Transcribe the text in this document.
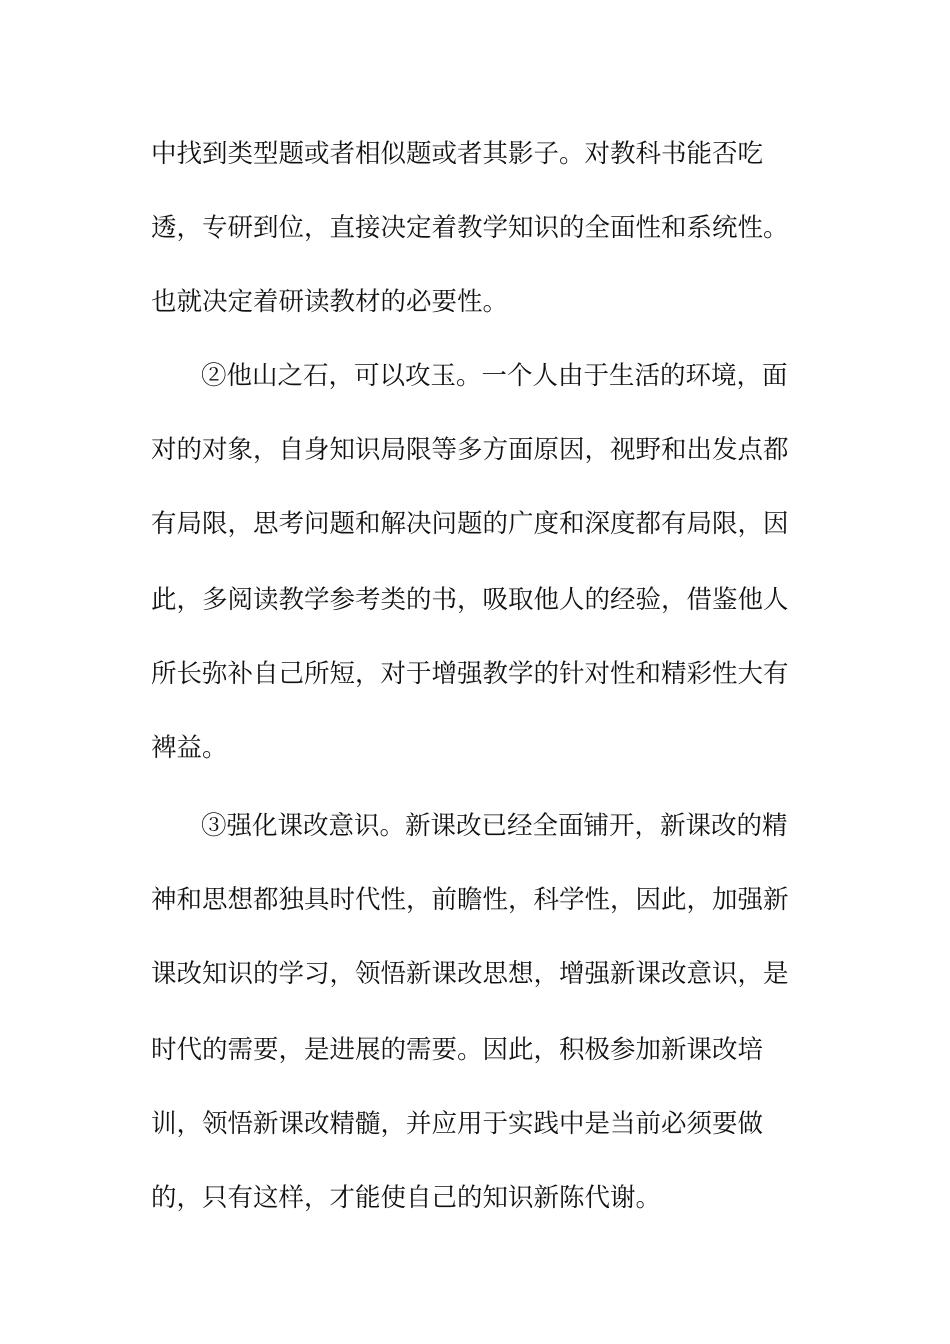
中找到类型题或者相似题或者其影子。对教科书能否吃
透，专研到位，直接决定着教学知识的全面性和系统性。
也就决定着研读教材的必要性。
②他山之石，可以攻玉。一个人由于生活的环境，面
对的对象，自身知识局限等多方面原因，视野和出发点都
有局限，思考问题和解决问题的广度和深度都有局限，因
此，多阅读教学参考类的书，吸取他人的经验，借鉴他人
所长弥补自己所短，对于增强教学的针对性和精彩性大有
裨益。
③强化课改意识。新课改已经全面铺开，新课改的精
神和思想都独具时代性，前瞻性，科学性，因此，加强新
课改知识的学习，领悟新课改思想，增强新课改意识，是
时代的需要，是进展的需要。因此，积极参加新课改培
训，领悟新课改精髓，并应用于实践中是当前必须要做
的，只有这样，才能使自己的知识新陈代谢。
